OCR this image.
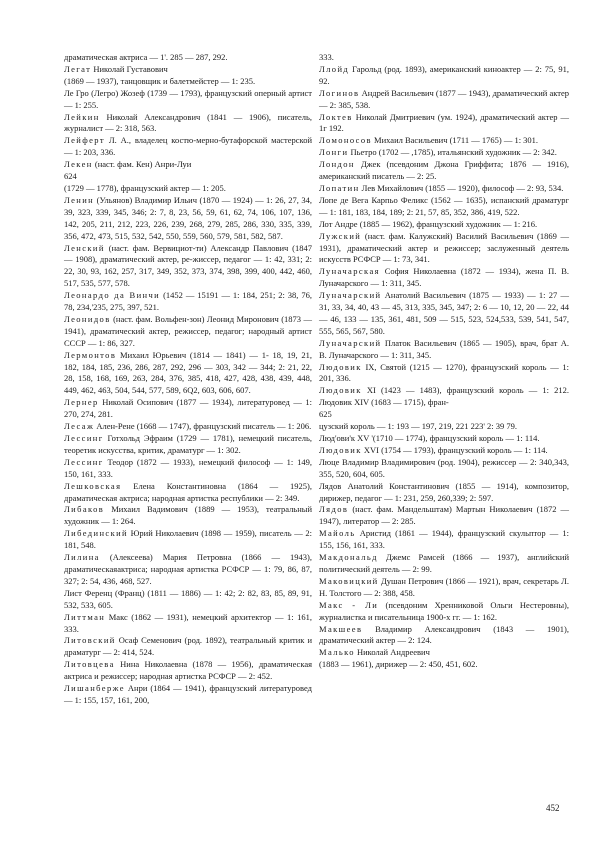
драматическая актриса — 1'. 285 — 287, 292.

Легат Николай Густавович

(1869 — 1937), танцовщик и балетмейстер — 1: 235.

Ле Гро (Легро) Жозеф (1739 — 1793), французский оперный артист — 1: 255.

Лейкин Николай Александрович (1841 — 1906), писатель, журналист — 2: 318, 563.

Лейферт Л. А., владелец костю-мерно-бутафорской мастерской — 1: 203, 336.

Лекен (наст. фам. Кен) Анри-Луи

624

(1729 — 1778), французский актер — 1: 205.

Ленин (Ульянов) Владимир Ильич (1870 — 1924) — 1: 26, 27, 34, 39, 323, 339, 345, 346; 2: 7, 8, 23, 56, 59, 61, 62, 74, 106, 107, 136, 142, 205, 211, 212, 223, 226, 239, 268, 279, 285, 286, 330, 335, 339, 356, 472, 473, 515, 532, 542, 550, 559, 560, 579, 581, 582, 587.

Ленский (наст. фам. Вервициот-ти) Александр Павлович (1847 — 1908), драматический актер, ре-жиссер, педагог — 1: 42, 331; 2: 22, 30, 93, 162, 257, 317, 349, 352, 373, 374, 398, 399, 400, 442, 460, 517, 535, 577, 578.

Леонардо да Винчи (1452 — 15191 — 1: 184, 251; 2: 38, 76, 78, 234,'235, 275, 397, 521.

Леонидов (наст. фам. Вольфен-зон) Леонид Миронович (1873 — 1941), драматический актер, режиссер, педагог; народный артист СССР — 1: 86, 327.

Лермонтов Михаил Юрьевич (1814 — 1841) — 1- 18, 19, 21, 182, 184, 185, 236, 286, 287, 292, 296 — 303, 342 — 344; 2: 21, 22, 28, 158, 168, 169, 263, 284, 376, 385, 418, 427, 428, 438, 439, 448, 449, 462, 463, 504, 544, 577, 589, 6Q2, 603, 606, 607.

Лернер Николай Осипович (1877 — 1934), литературовед — 1: 270, 274, 281.

Лесаж Ален-Рене (1668 — 1747), французский писатель — 1: 206.

Лессинг Готхольд Эфраим (1729 — 1781), немецкий писатель, теоретик искусства, критик, драматург — 1: 302.

Лессинг Теодор (1872 — 1933), немецкий философ — 1: 149, 150, 161, 333.

Лешковская Елена Константиновна (1864 — 1925), драматическая актриса; народная артистка республики — 2: 349.

Либаков Михаил Вадимович (1889 — 1953), театральный художник — 1: 264.

Либединский Юрий Николаевич (1898 — 1959), писатель — 2: 181, 548.

Лилина (Алексеева) Мария Петровна (1866 — 1943), драматическаяактриса; народная артистка РСФСР — 1: 79, 86, 87, 327; 2: 54, 436, 468, 527.

Лист Ференц (Франц) (1811 — 1886) — 1: 42; 2: 82, 83, 85, 89, 91, 532, 533, 605.

Литтман Макс (1862 — 1931), немецкий архитектор — 1: 161, 333.

Литовский Осаф Семенович (род. 1892), театральный критик и драматург — 2: 414, 524.

Литовцева Нина Николаевна (1878 — 1956), драматическая актриса и режиссер; народная артистка РСФСР — 2: 452.

Лишанберже Анри (1864 — 1941), французский литературовед — 1: 155, 157, 161, 200,

333.

Ллойд Гарольд (род. 1893), американский киноактер — 2: 75, 91, 92.

Логинов Андрей Васильевич (1877 — 1943), драматический актер — 2: 385, 538.

Локтев Николай Дмитриевич (ум. 1924), драматический актер — 1г 192.

Ломоносов Михаил Васильевич (1711 — 1765) — 1: 301.

Лонги Пьетро (1702 — ,1785), итальянский художник — 2: 342.

Лондон Джек (псевдоним Джона Гриффита; 1876 — 1916), американский писатель — 2: 25.

Лопатин Лев Михайлович (1855 — 1920), философ — 2: 93, 534.

Лопе де Вега Карпьо Феликс (1562 — 1635), испанский драматург — 1: 181, 183, 184, 189; 2: 21, 57, 85, 352, 386, 419, 522.

Лот Андре (1885 — 1962), французский художник — 1: 216.

Лужский (наст. фам. Калужский) Василий Васильевич (1869 — 1931), драматический актер и режиссер; заслуженный деятель искусств РСФСР — 1: 73, 341.

Луначарская София Николаевна (1872 — 1934), жена П. В. Луначарского — 1: 311, 345.

Луначарский Анатолий Васильевич (1875 — 1933) — 1: 27 — 31, 33, 34, 40, 43 — 45, 313, 335, 345, 347; 2: 6 — 10, 12, 20 — 22, 44 — 46, 133 — 135, 361, 481, 509 — 515, 523, 524,533, 539, 541, 547, 555, 565, 567, 580.

Луначарский Платок Васильевич (1865 — 1905), врач, брат А. В. Луначарского — 1: 311, 345.

Людовик IX, Святой (1215 — 1270), французский король — 1: 201, 336.

Людовик XI (1423 — 1483), французский король — 1: 212. Людовик XIV (1683 — 1715), фран-

625

цузский король — 1: 193 — 197, 219, 221 223' 2: 39 79.

Люд'ови'к XV '(1710 — 1774), французский король — 1: 114.

Людовик XVI (1754 — 1793), французский король — 1: 114.

Люце Владимир Владимирович (род. 1904), режиссер — 2: 340,343, 355, 520, 604, 605.

Лядов Анатолий Константинович (1855 — 1914), композитор, дирижер, педагог — 1: 231, 259, 260,339; 2: 597.

Лядов (наст. фам. Мандельштам) Мартын Николаевич (1872 — 1947), литератор — 2: 285.

Майоль Аристид (1861 — 1944), французский скульптор — 1: 155, 156, 161, 333.

Макдональд Джемс Рамсей (1866 — 1937), английский политический деятель — 2: 99.

Маковицкий Душан Петрович (1866 — 1921), врач, секретарь Л. Н. Толстого — 2: 388, 458.

Макс - Ли (псевдоним Хренниковой Ольги Нестеровны), журналистка и писательница 1900-х гг. — 1: 162.

Макшеев Владимир Александрович (1843 — 1901), драматический актер — 2: 124.

Малько Николай Андреевич

(1883 — 1961), дирижер — 2: 450, 451, 602.

452
